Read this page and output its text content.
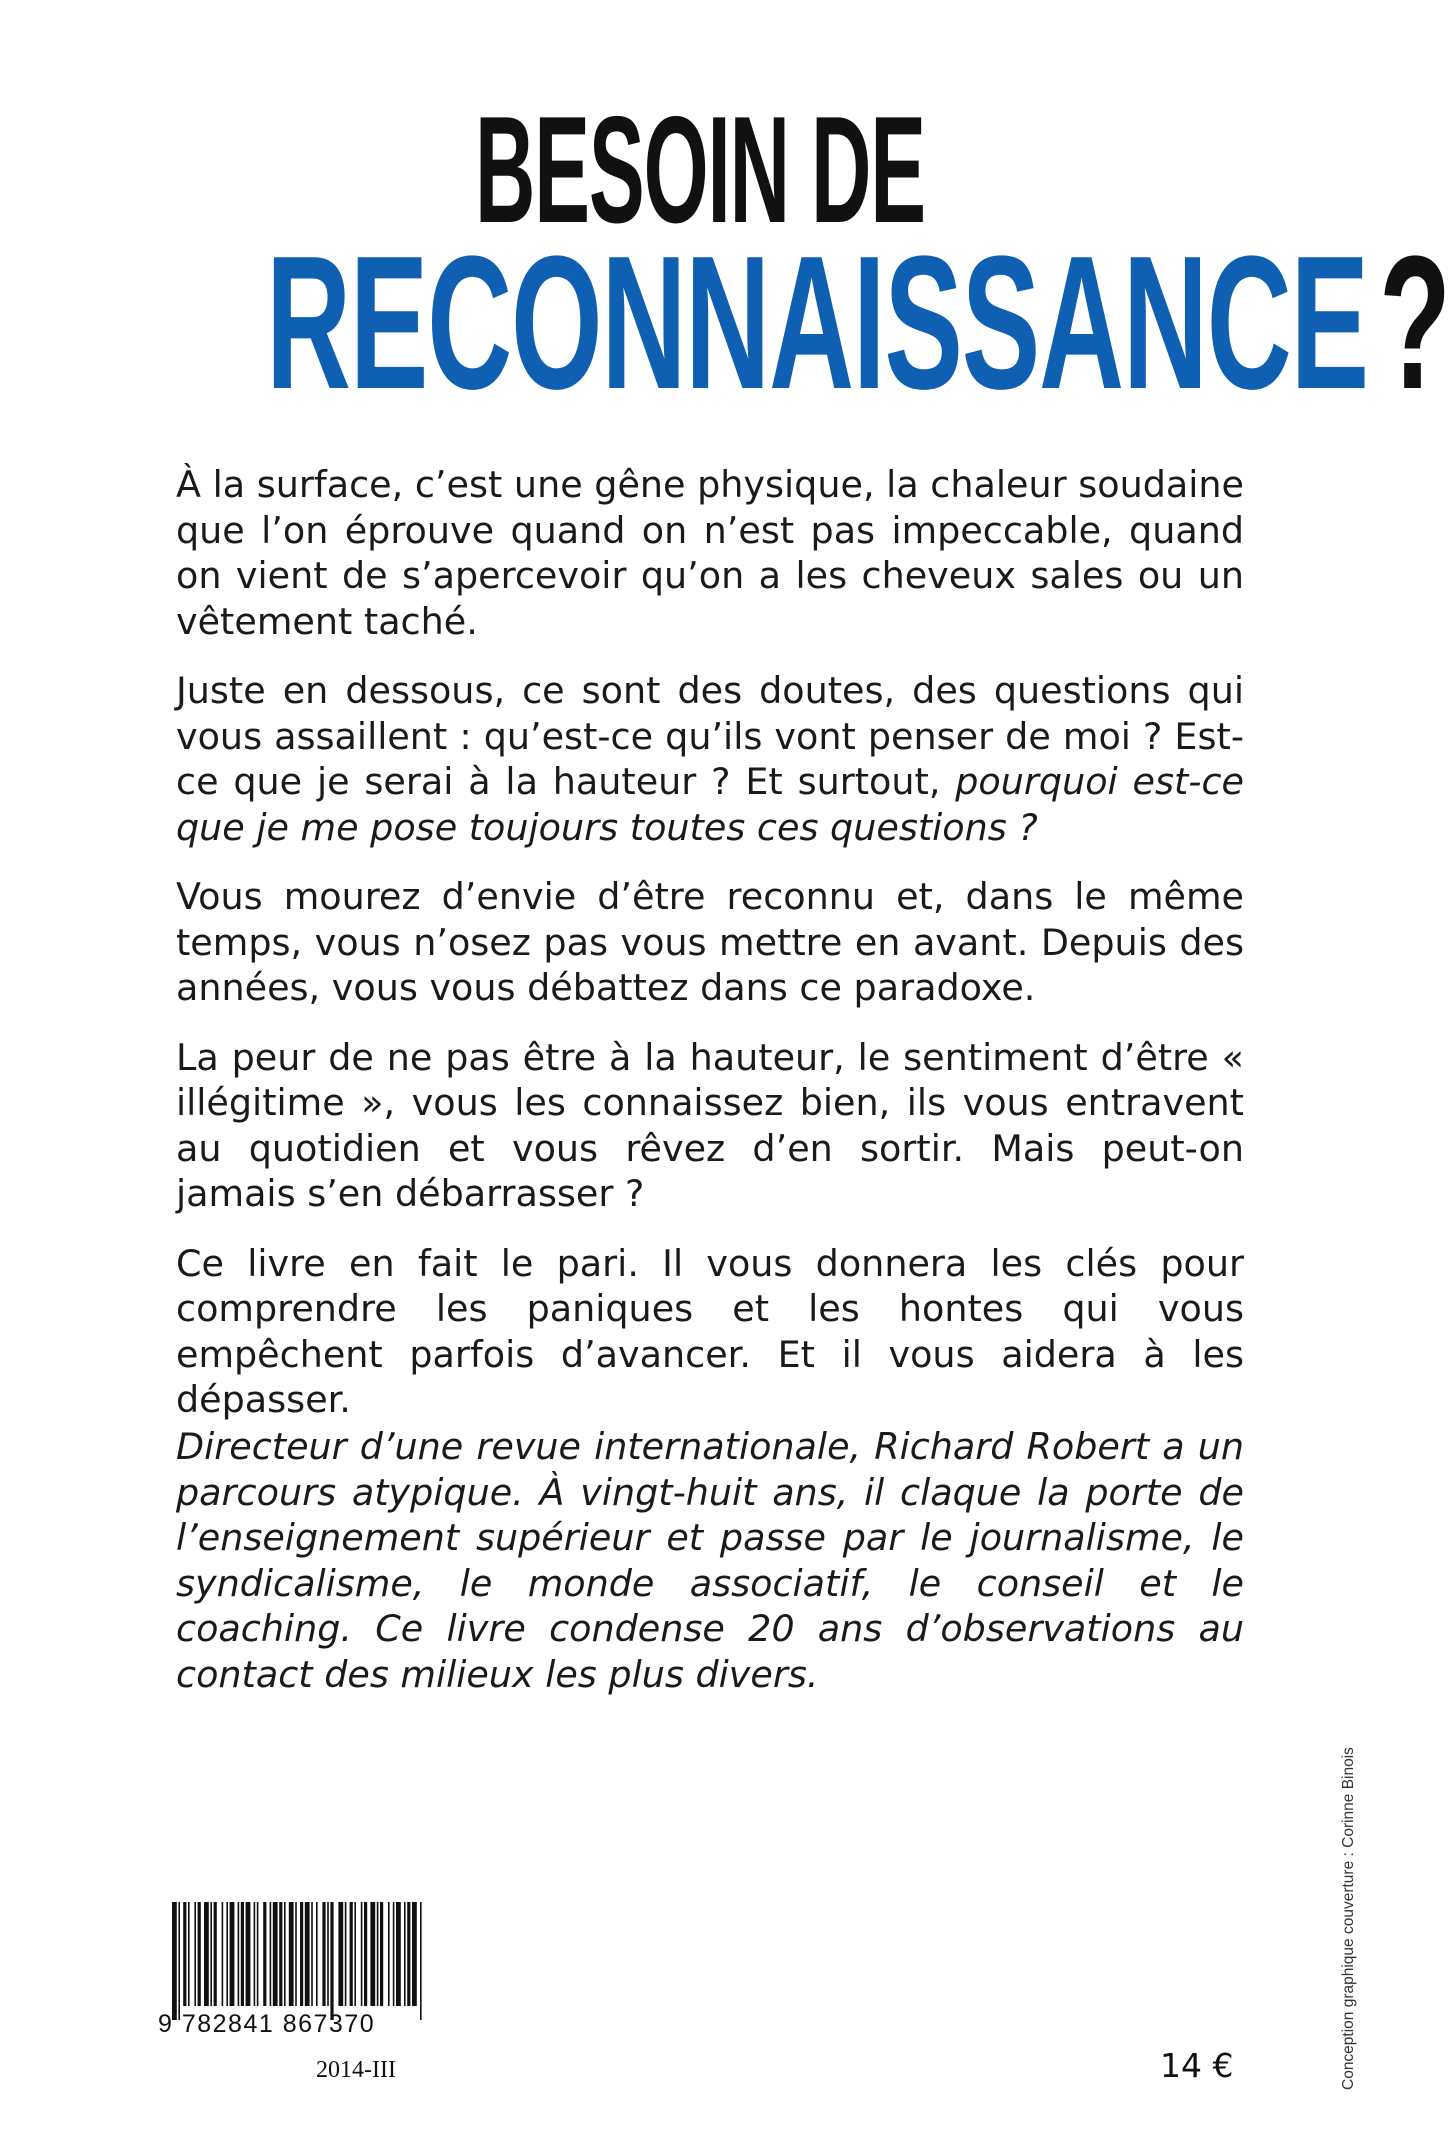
BESOIN DE
RECONNAISSANCE?

À la surface, c’est une gêne physique, la chaleur soudaine que l’on éprouve quand on n’est pas impeccable, quand on vient de s’apercevoir qu’on a les cheveux sales ou un vêtement taché.

Juste en dessous, ce sont des doutes, des questions qui vous assaillent : qu’est-ce qu’ils vont penser de moi ? Est-ce que je serai à la hauteur ? Et surtout, pourquoi est-ce que je me pose toujours toutes ces questions ?

Vous mourez d’envie d’être reconnu et, dans le même temps, vous n’osez pas vous mettre en avant. Depuis des années, vous vous débattez dans ce paradoxe.

La peur de ne pas être à la hauteur, le sentiment d’être « illégitime », vous les connaissez bien, ils vous entravent au quotidien et vous rêvez d’en sortir. Mais peut-on jamais s’en débarrasser ?

Ce livre en fait le pari. Il vous donnera les clés pour comprendre les paniques et les hontes qui vous empêchent parfois d’avancer. Et il vous aidera à les dépasser.

Directeur d’une revue internationale, Richard Robert a un parcours atypique. À vingt-huit ans, il claque la porte de l’enseignement supérieur et passe par le journalisme, le syndicalisme, le monde associatif, le conseil et le coaching. Ce livre condense 20 ans d’observations au contact des milieux les plus divers.
Conception graphique couverture : Corinne Binois
9 782841 867370
2014-III	14 €
